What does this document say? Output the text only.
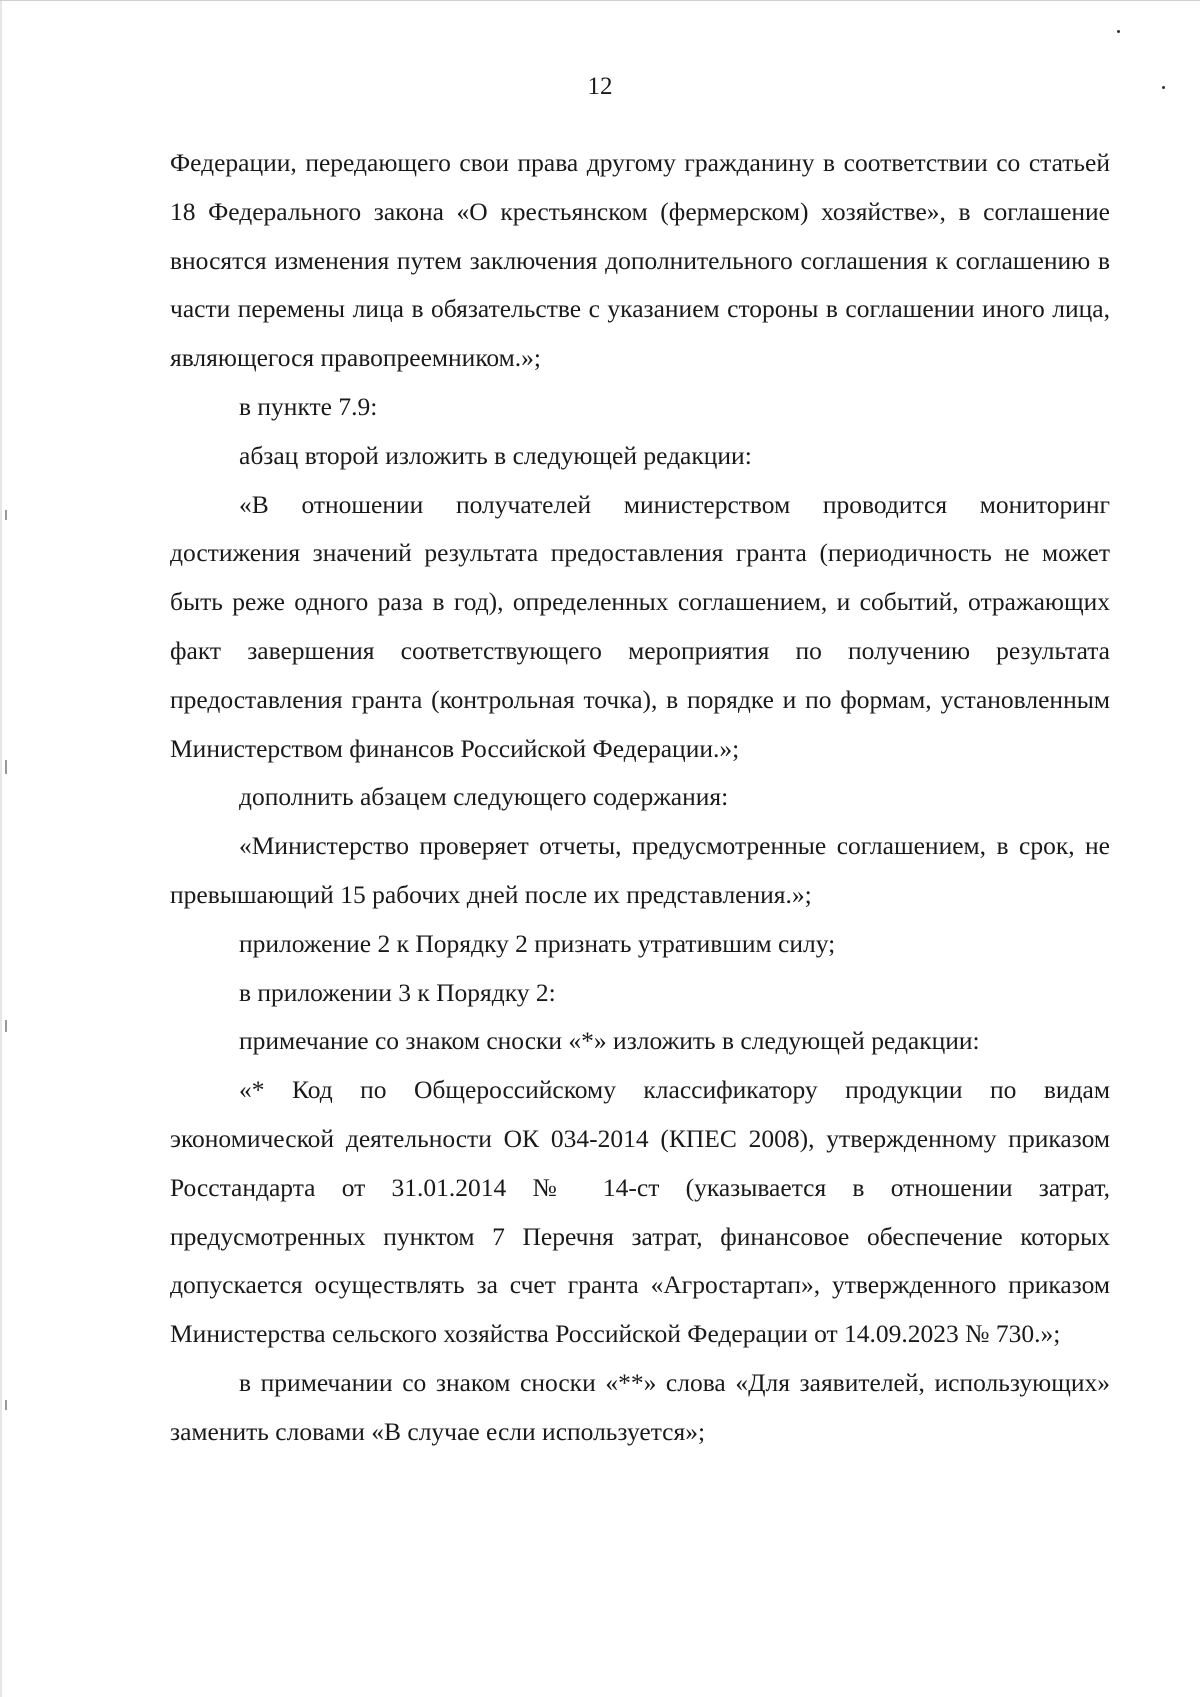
12

Федерации, передающего свои права другому гражданину в соответствии со статьей 18 Федерального закона «О крестьянском (фермерском) хозяйстве», в соглашение вносятся изменения путем заключения дополнительного соглашения к соглашению в части перемены лица в обязательстве с указанием стороны в соглашении иного лица, являющегося правопреемником.»;

в пункте 7.9:

абзац второй изложить в следующей редакции:

«В отношении получателей министерством проводится мониторинг достижения значений результата предоставления гранта (периодичность не может быть реже одного раза в год), определенных соглашением, и событий, отражающих факт завершения соответствующего мероприятия по получению результата предоставления гранта (контрольная точка), в порядке и по формам, установленным Министерством финансов Российской Федерации.»;

дополнить абзацем следующего содержания:

«Министерство проверяет отчеты, предусмотренные соглашением, в срок, не превышающий 15 рабочих дней после их представления.»;

приложение 2 к Порядку 2 признать утратившим силу;

в приложении 3 к Порядку 2:

примечание со знаком сноски «*» изложить в следующей редакции:

«* Код по Общероссийскому классификатору продукции по видам экономической деятельности ОК 034-2014 (КПЕС 2008), утвержденному приказом Росстандарта от 31.01.2014 № 14-ст (указывается в отношении затрат, предусмотренных пунктом 7 Перечня затрат, финансовое обеспечение которых допускается осуществлять за счет гранта «Агростартап», утвержденного приказом Министерства сельского хозяйства Российской Федерации от 14.09.2023 № 730.»;

в примечании со знаком сноски «**» слова «Для заявителей, использующих» заменить словами «В случае если используется»;
